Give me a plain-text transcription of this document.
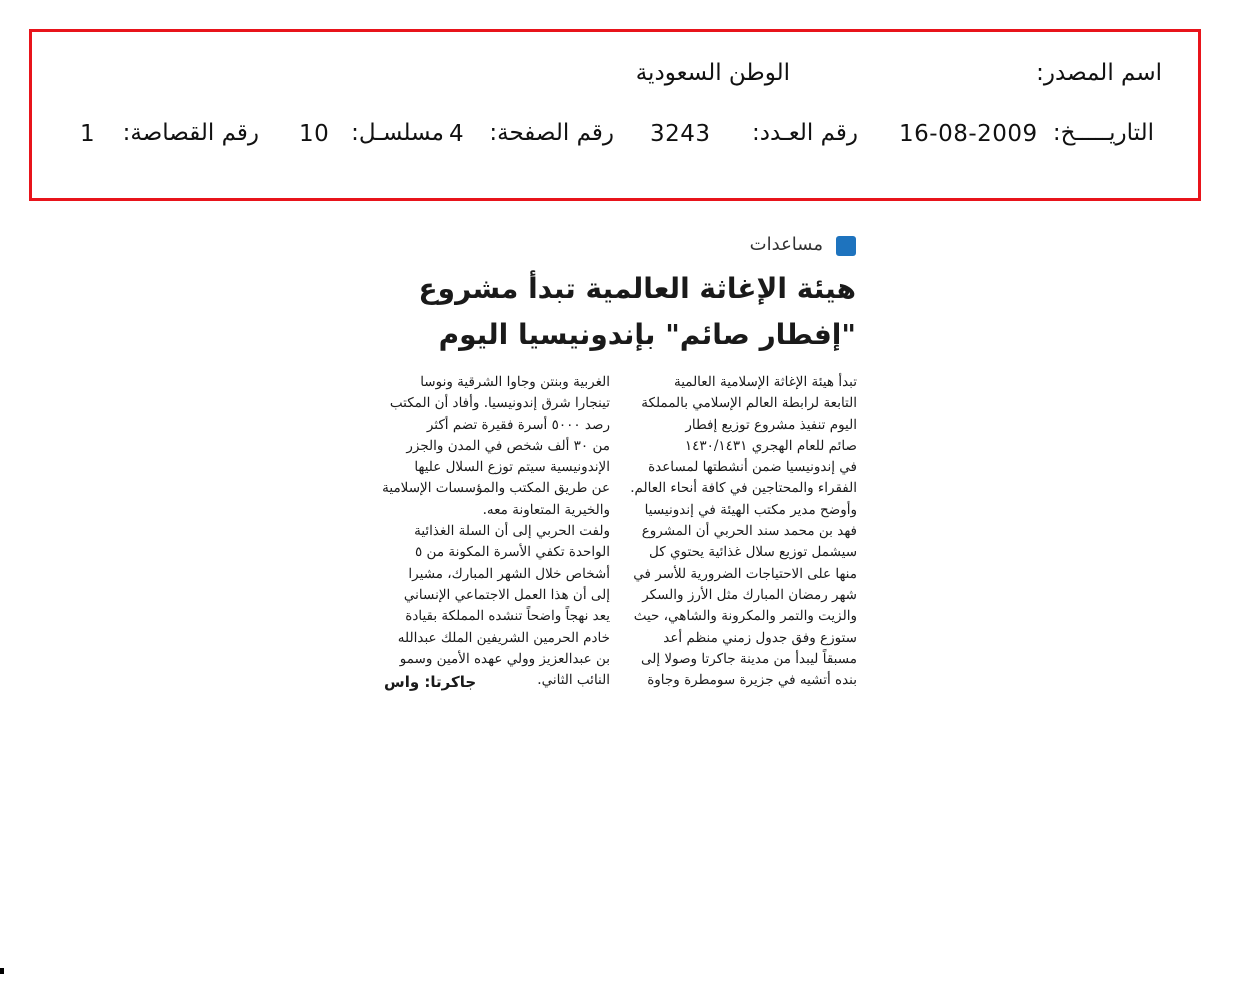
اسم المصدر:
الوطن السعودية
التاريـــــخ:
16-08-2009
رقم العـدد:
3243
رقم الصفحة:
4
مسلسـل:
10
رقم القصاصة:
1
مساعدات
هيئة الإغاثة العالمية تبدأ مشروع
"إفطار صائم" بإندونيسيا اليوم
تبدأ هيئة الإغاثة الإسلامية العالمية
التابعة لرابطة العالم الإسلامي بالمملكة
اليوم تنفيذ مشروع توزيع إفطار
صائم للعام الهجري ١٤٣٠/١٤٣١
في إندونيسيا ضمن أنشطتها لمساعدة
الفقراء والمحتاجين في كافة أنحاء العالم.
وأوضح مدير مكتب الهيئة في إندونيسيا
فهد بن محمد سند الحربي أن المشروع
سيشمل توزيع سلال غذائية يحتوي كل
منها على الاحتياجات الضرورية للأسر في
شهر رمضان المبارك مثل الأرز والسكر
والزيت والتمر والمكرونة والشاهي، حيث
ستوزع وفق جدول زمني منظم أعد
مسبقاً ليبدأ من مدينة جاكرتا وصولا إلى
بنده أتشيه في جزيرة سومطرة وجاوة
الغربية وبنتن وجاوا الشرقية ونوسا
تينجارا شرق إندونيسيا. وأفاد أن المكتب
رصد ٥٠٠٠ أسرة فقيرة تضم أكثر
من ٣٠ ألف شخص في المدن والجزر
الإندونيسية سيتم توزع السلال عليها
عن طريق المكتب والمؤسسات الإسلامية
والخيرية المتعاونة معه.
ولفت الحربي إلى أن السلة الغذائية
الواحدة تكفي الأسرة المكونة من ٥
أشخاص خلال الشهر المبارك، مشيرا
إلى أن هذا العمل الاجتماعي الإنساني
يعد نهجاً واضحاً تنشده المملكة بقيادة
خادم الحرمين الشريفين الملك عبدالله
بن عبدالعزيز وولي عهده الأمين وسمو
النائب الثاني.
جاكرتا: واس
